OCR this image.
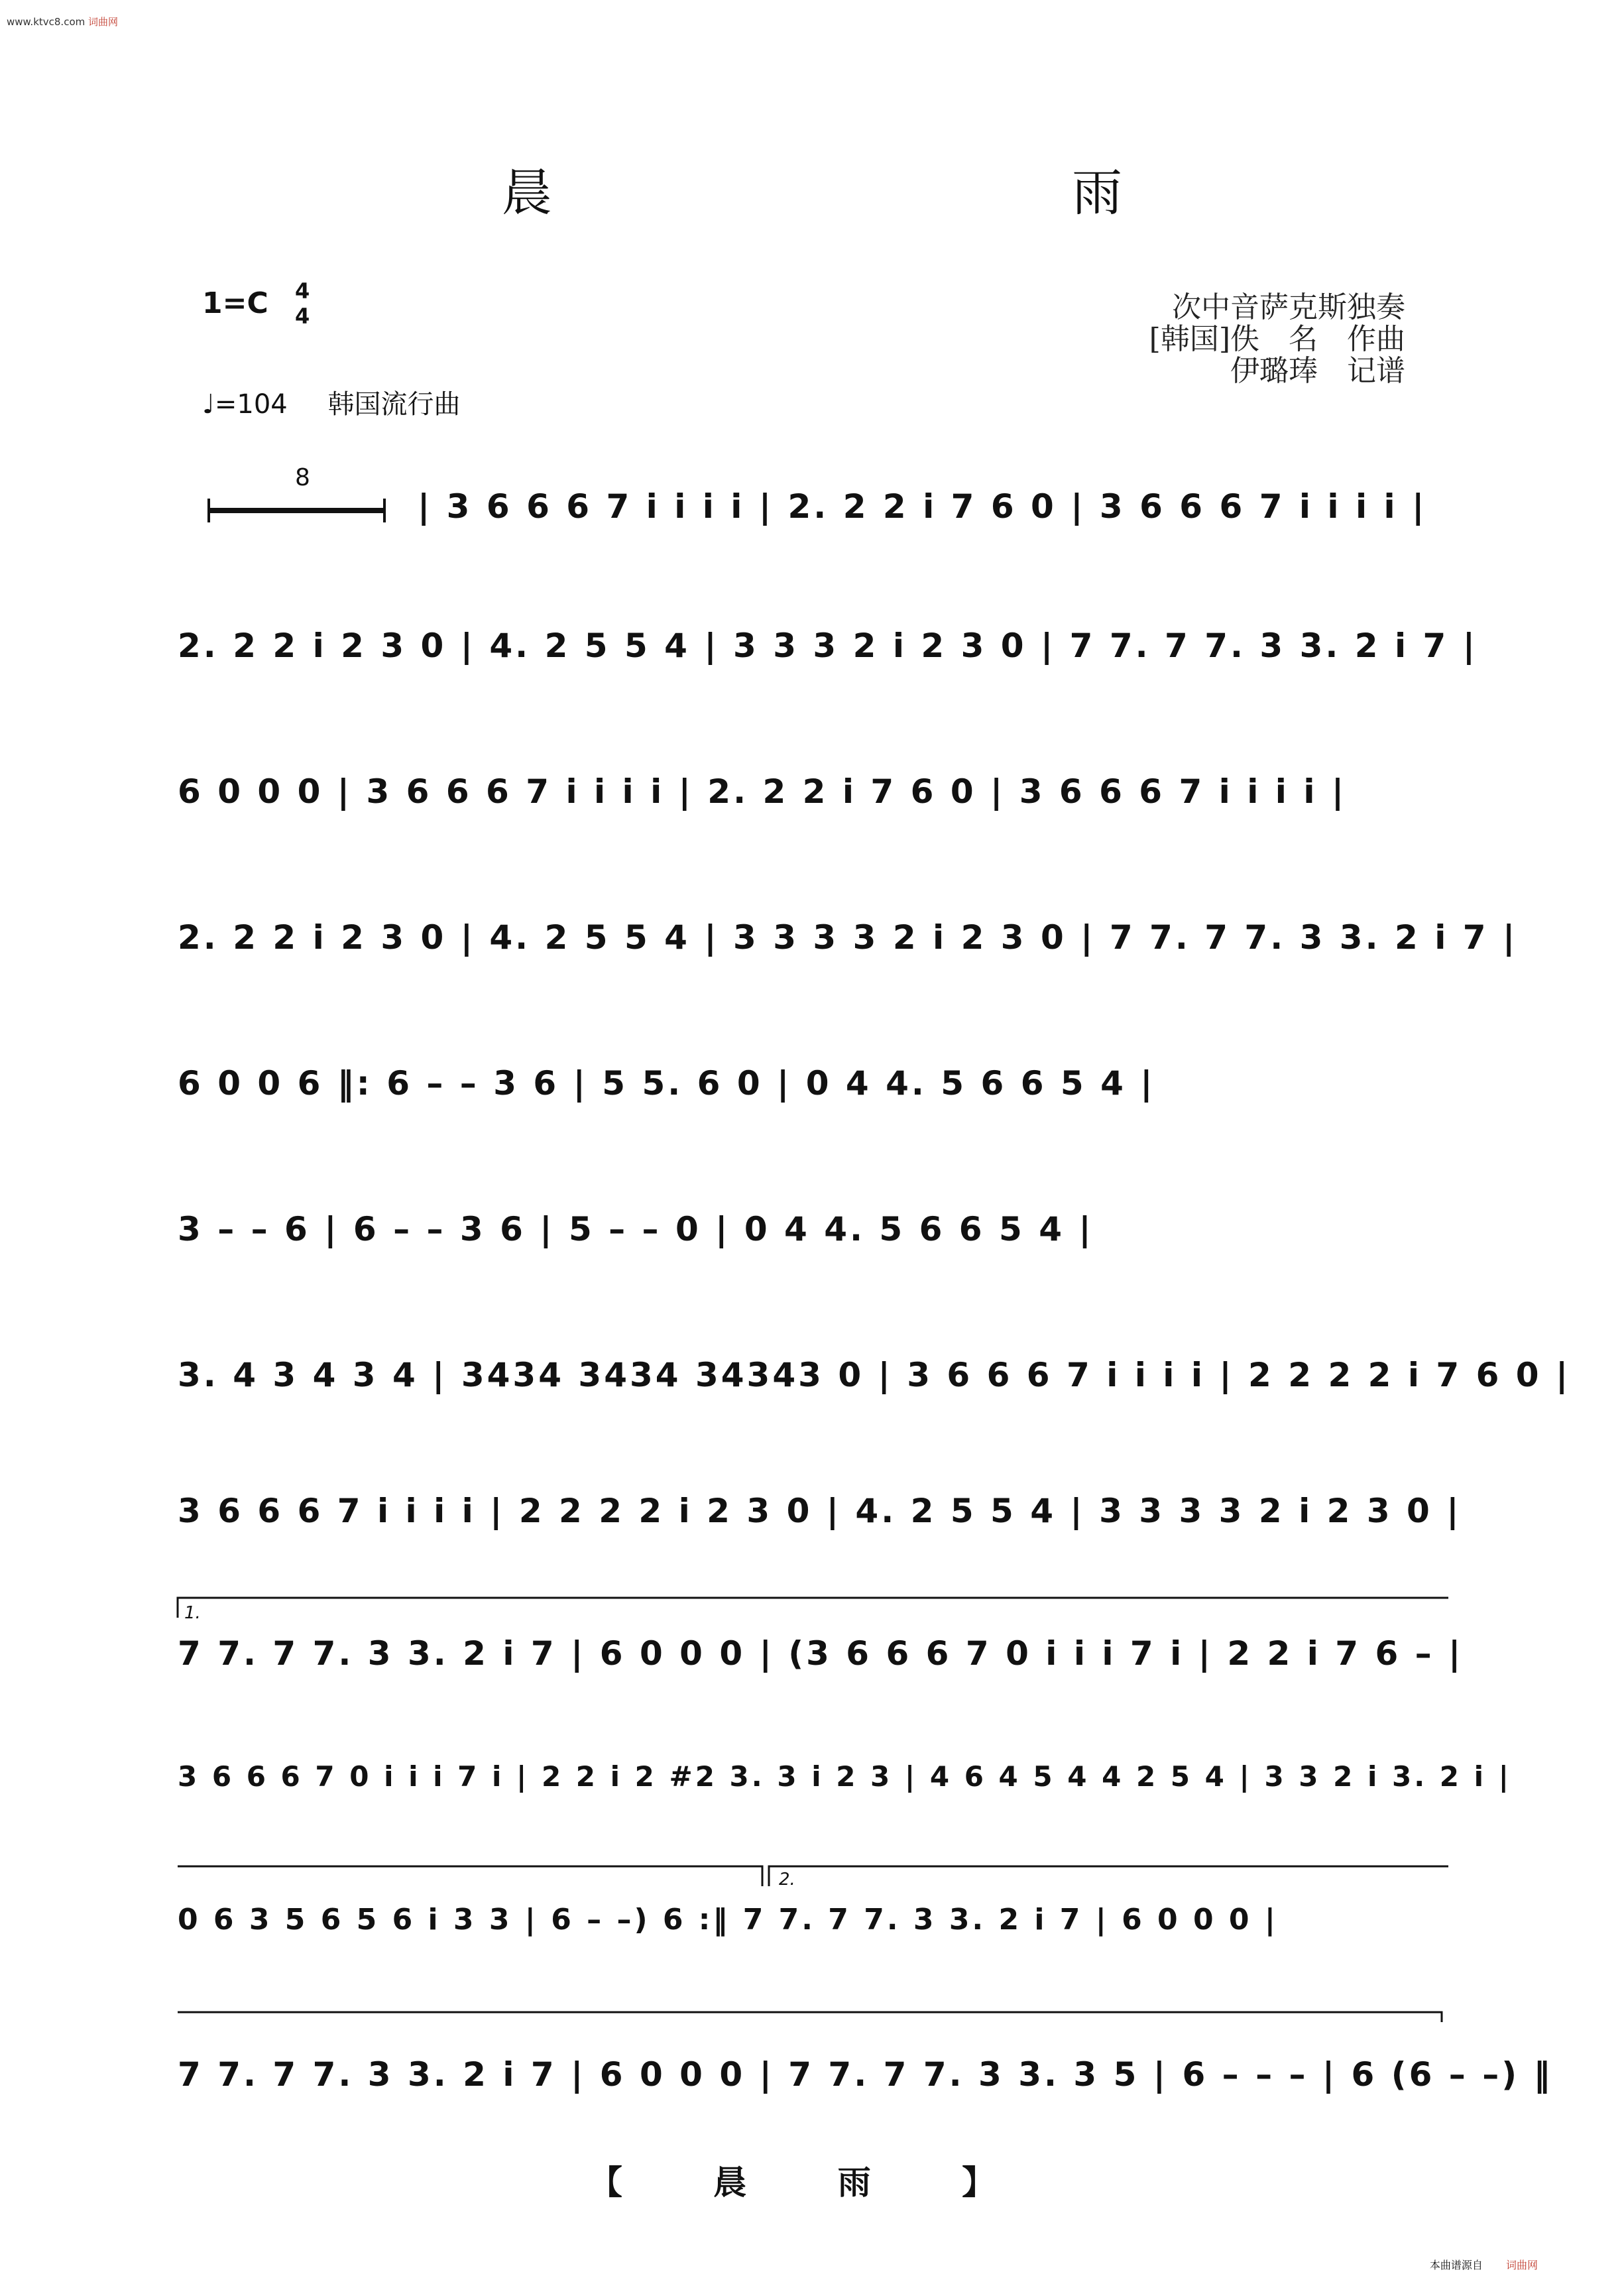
www.ktvc8.com 词曲网
晨 雨
1=C 4
4	次中音萨克斯独奏
[韩国]佚　名　作曲
伊璐琫　记谱
♩=104 韩国流行曲
8
1.
2.
| 3 6 6 6 7 i i i i | 2. 2 2 i 7 6 0 | 3 6 6 6 7 i i i i |
2. 2 2 i 2 3 0 | 4. 2 5 5 4 | 3 3 3 2 i 2 3 0 | 7 7. 7 7. 3 3. 2 i 7 |
6 0 0 0 | 3 6 6 6 7 i i i i | 2. 2 2 i 7 6 0 | 3 6 6 6 7 i i i i |
2. 2 2 i 2 3 0 | 4. 2 5 5 4 | 3 3 3 3 2 i 2 3 0 | 7 7. 7 7. 3 3. 2 i 7 |
6 0 0 6 ‖: 6 – – 3 6 | 5 5. 6 0 | 0 4 4. 5 6 6 5 4 |
3 – – 6 | 6 – – 3 6 | 5 – – 0 | 0 4 4. 5 6 6 5 4 |
3. 4 3 4 3 4 | 3434 3434 34343 0 | 3 6 6 6 7 i i i i | 2 2 2 2 i 7 6 0 |
3 6 6 6 7 i i i i | 2 2 2 2 i 2 3 0 | 4. 2 5 5 4 | 3 3 3 3 2 i 2 3 0 |
7 7. 7 7. 3 3. 2 i 7 | 6 0 0 0 | (3 6 6 6 7 0 i i i 7 i | 2 2 i 7 6 – |
3 6 6 6 7 0 i i i 7 i | 2 2 i 2 #2 3. 3 i 2 3 | 4 6 4 5 4 4 2 5 4 | 3 3 2 i 3. 2 i |
0 6 3 5 6 5 6 i 3 3 | 6 – –) 6 :‖ 7 7. 7 7. 3 3. 2 i 7 | 6 0 0 0 |
7 7. 7 7. 3 3. 2 i 7 | 6 0 0 0 | 7 7. 7 7. 3 3. 3 5 | 6 – – – | 6 (6 – –) ‖
【 晨 雨 】
本曲谱源自 词曲网
